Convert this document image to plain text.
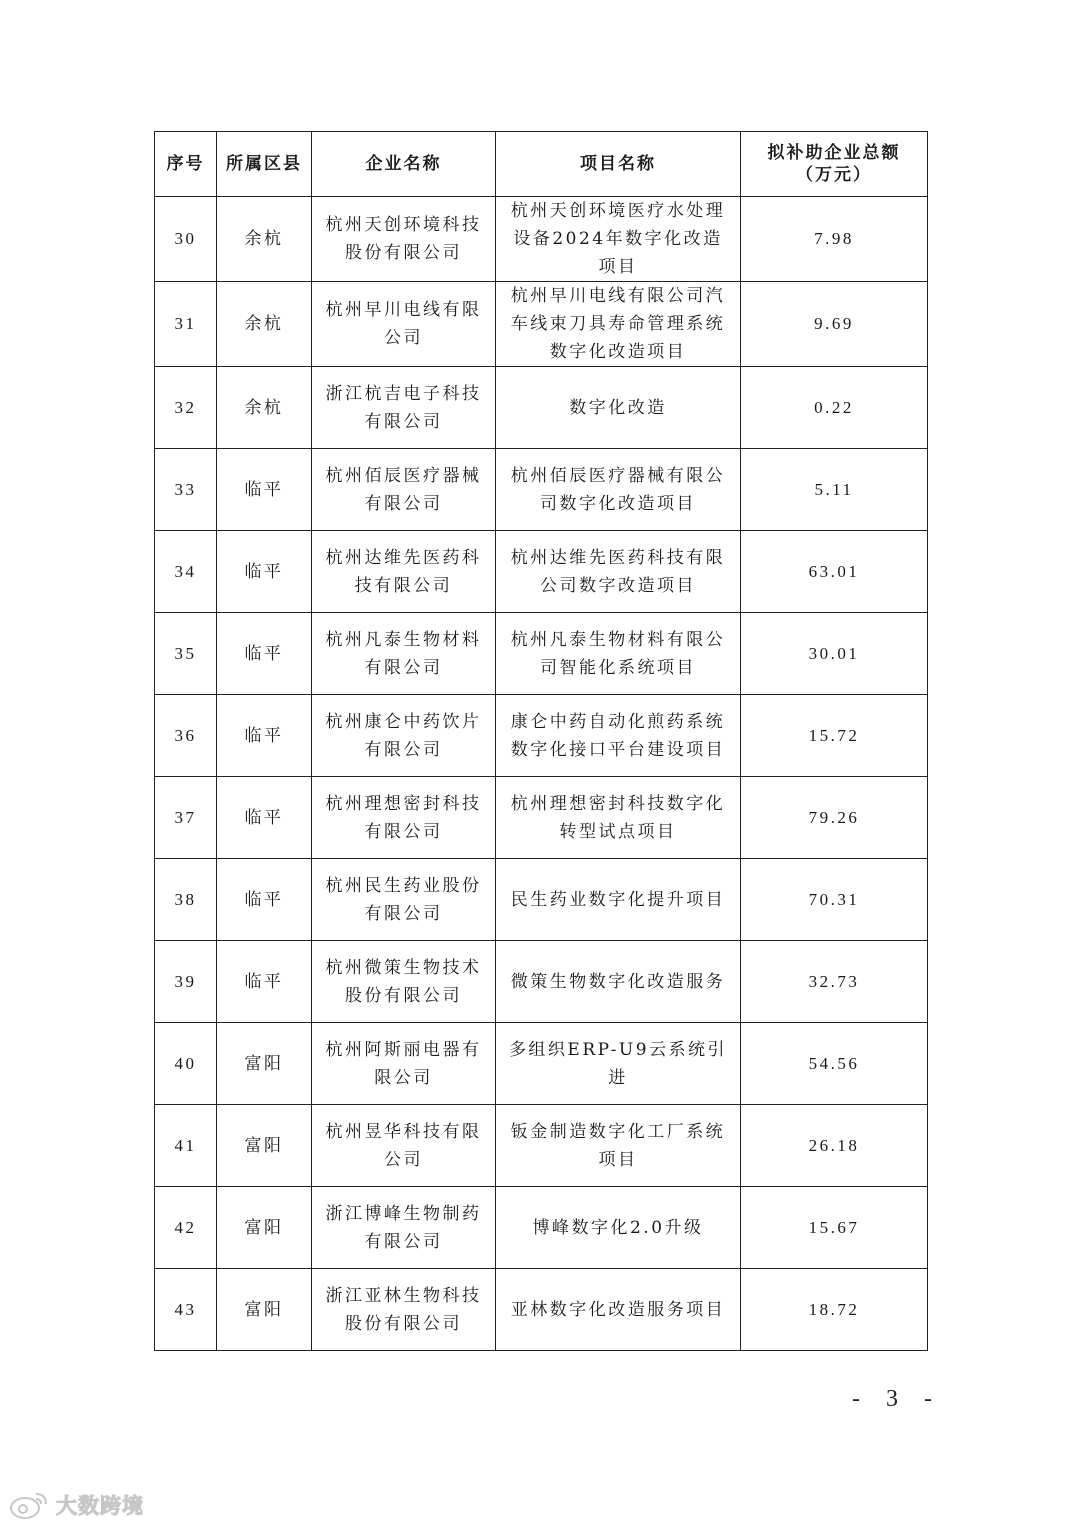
序号	所属区县	企业名称	项目名称	拟补助企业总额
（万元）

30	余杭	杭州天创环境科技股份有限公司	杭州天创环境医疗水处理设备2024年数字化改造项目	7.98
31	余杭	杭州早川电线有限公司	杭州早川电线有限公司汽车线束刀具寿命管理系统数字化改造项目	9.69
32	余杭	浙江杭吉电子科技有限公司	数字化改造	0.22
33	临平	杭州佰辰医疗器械有限公司	杭州佰辰医疗器械有限公司数字化改造项目	5.11
34	临平	杭州达维先医药科技有限公司	杭州达维先医药科技有限公司数字改造项目	63.01
35	临平	杭州凡泰生物材料有限公司	杭州凡泰生物材料有限公司智能化系统项目	30.01
36	临平	杭州康仑中药饮片有限公司	康仑中药自动化煎药系统数字化接口平台建设项目	15.72
37	临平	杭州理想密封科技有限公司	杭州理想密封科技数字化转型试点项目	79.26
38	临平	杭州民生药业股份有限公司	民生药业数字化提升项目	70.31
39	临平	杭州微策生物技术股份有限公司	微策生物数字化改造服务	32.73
40	富阳	杭州阿斯丽电器有限公司	多组织ERP-U9云系统引进	54.56
41	富阳	杭州昱华科技有限公司	钣金制造数字化工厂系统项目	26.18
42	富阳	浙江博峰生物制药有限公司	博峰数字化2.0升级	15.67
43	富阳	浙江亚林生物科技股份有限公司	亚林数字化改造服务项目	18.72
- 3 -
大数跨境
